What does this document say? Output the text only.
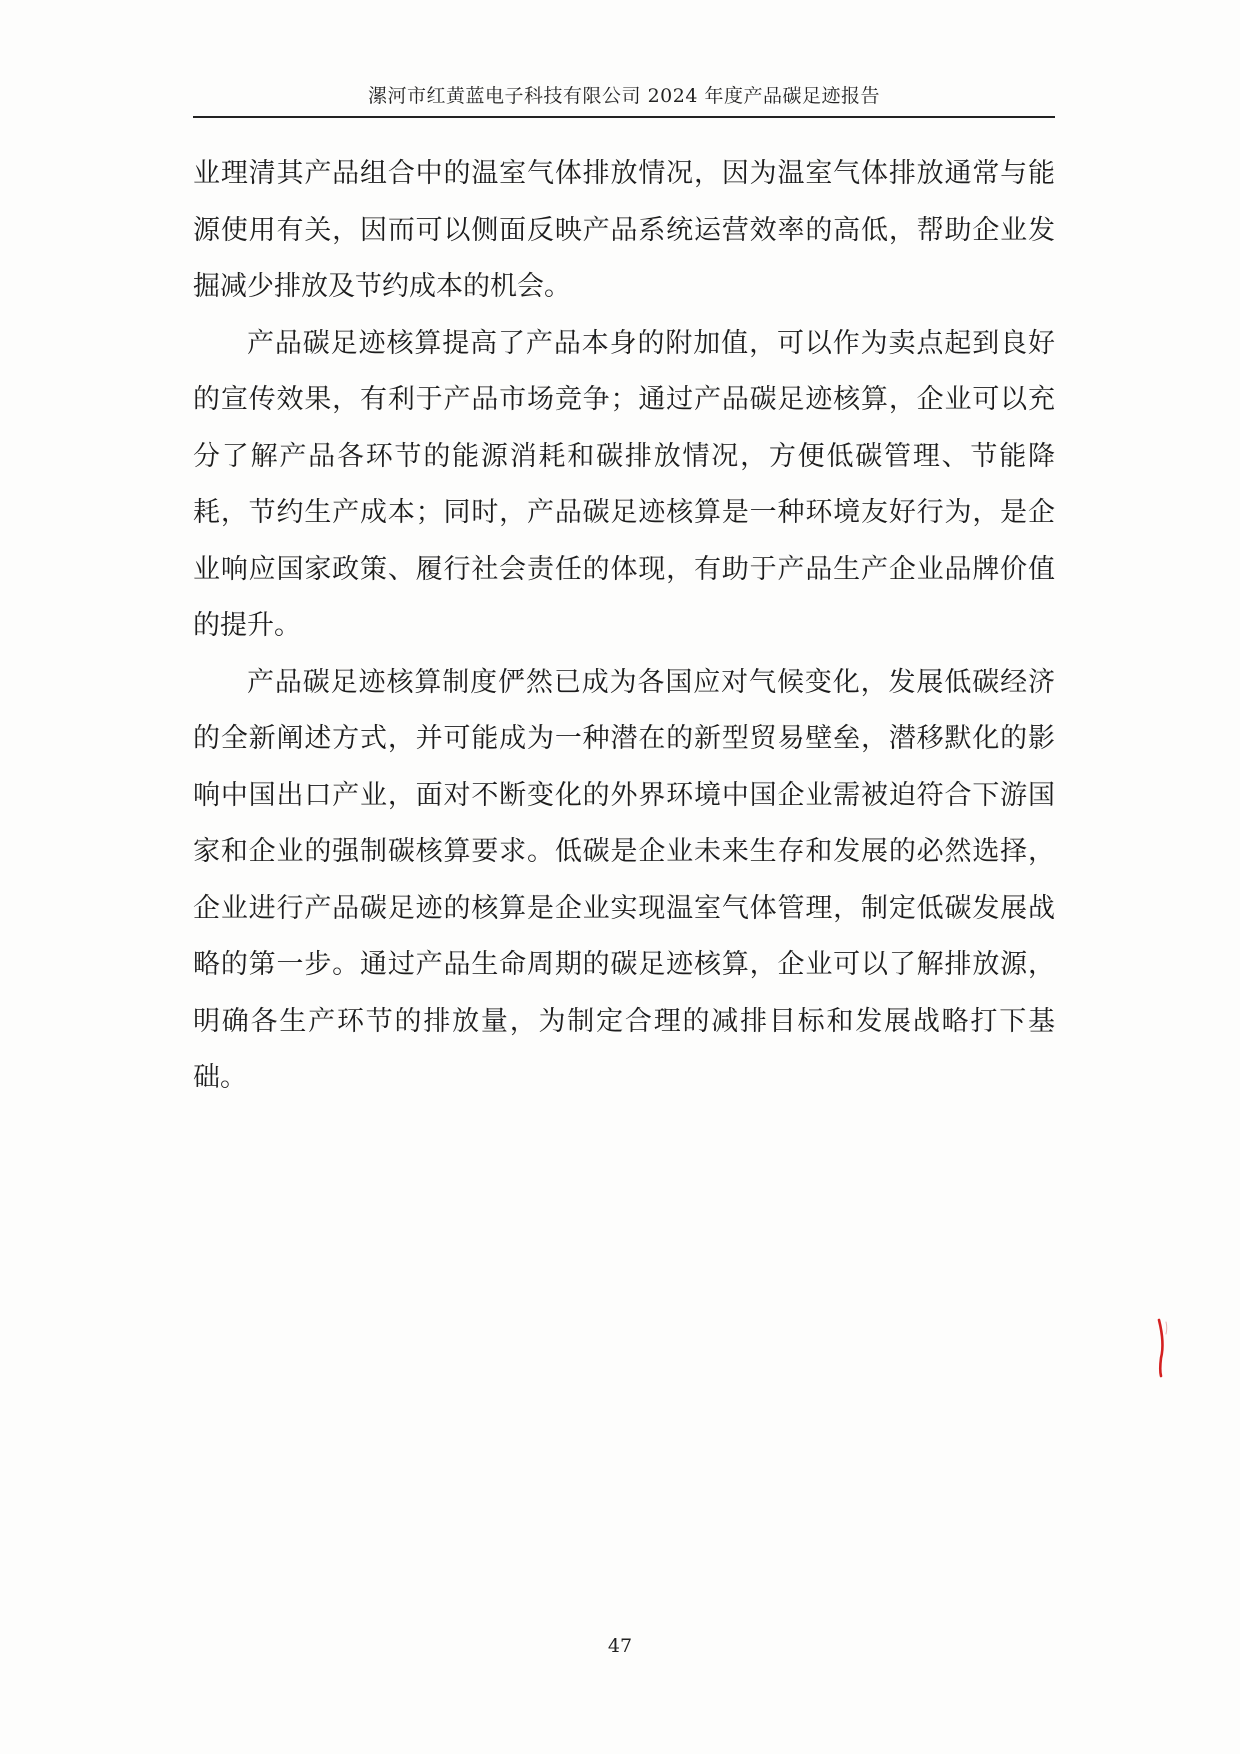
漯河市红黄蓝电子科技有限公司 2024 年度产品碳足迹报告

业理清其产品组合中的温室气体排放情况，因为温室气体排放通常与能源使用有关，因而可以侧面反映产品系统运营效率的高低，帮助企业发掘减少排放及节约成本的机会。

产品碳足迹核算提高了产品本身的附加值，可以作为卖点起到良好的宣传效果，有利于产品市场竞争；通过产品碳足迹核算，企业可以充分了解产品各环节的能源消耗和碳排放情况，方便低碳管理、节能降耗，节约生产成本；同时，产品碳足迹核算是一种环境友好行为，是企业响应国家政策、履行社会责任的体现，有助于产品生产企业品牌价值的提升。

产品碳足迹核算制度俨然已成为各国应对气候变化，发展低碳经济的全新阐述方式，并可能成为一种潜在的新型贸易壁垒，潜移默化的影响中国出口产业，面对不断变化的外界环境中国企业需被迫符合下游国家和企业的强制碳核算要求。低碳是企业未来生存和发展的必然选择，企业进行产品碳足迹的核算是企业实现温室气体管理，制定低碳发展战略的第一步。通过产品生命周期的碳足迹核算，企业可以了解排放源，明确各生产环节的排放量，为制定合理的减排目标和发展战略打下基础。

47
